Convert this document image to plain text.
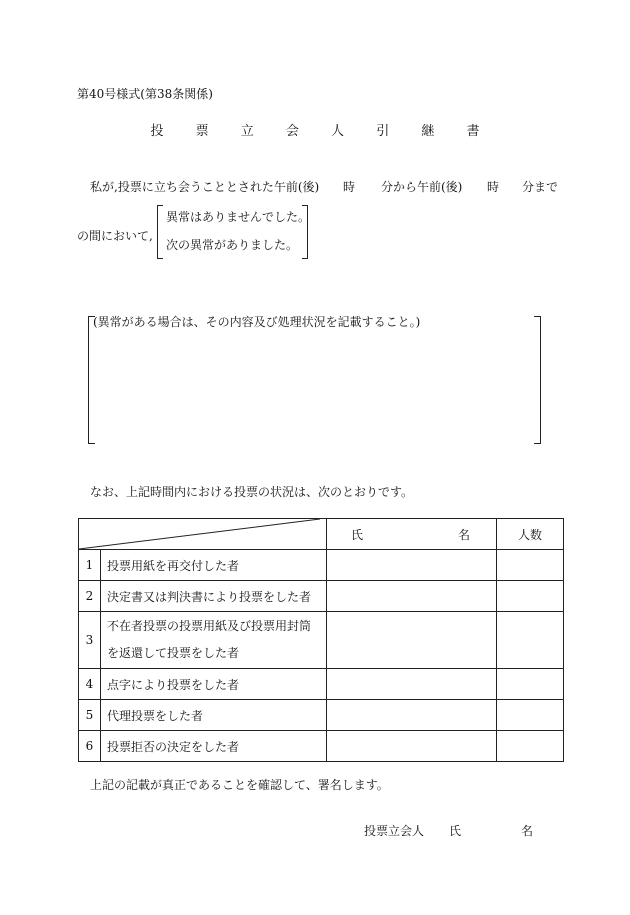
第40号様式(第38条関係)
投 票 立 会 人 引 継 書
私が,投票に立ち会うこととされた午前(後) 時 分から午前(後) 時 分まで
の間において,
異常はありませんでした。
次の異常がありました。
(異常がある場合は、その内容及び処理状況を記載すること。)
なお、上記時間内における投票の状況は、次のとおりです。

氏 名	人数
1	投票用紙を再交付した者		
2	決定書又は判決書により投票をした者		
3	不在者投票の投票用紙及び投票用封筒
を返還して投票をした者		

4	点字により投票をした者		
5	代理投票をした者		
6	投票拒否の決定をした者		
上記の記載が真正であることを確認して、署名します。
投票立会人 氏	名
